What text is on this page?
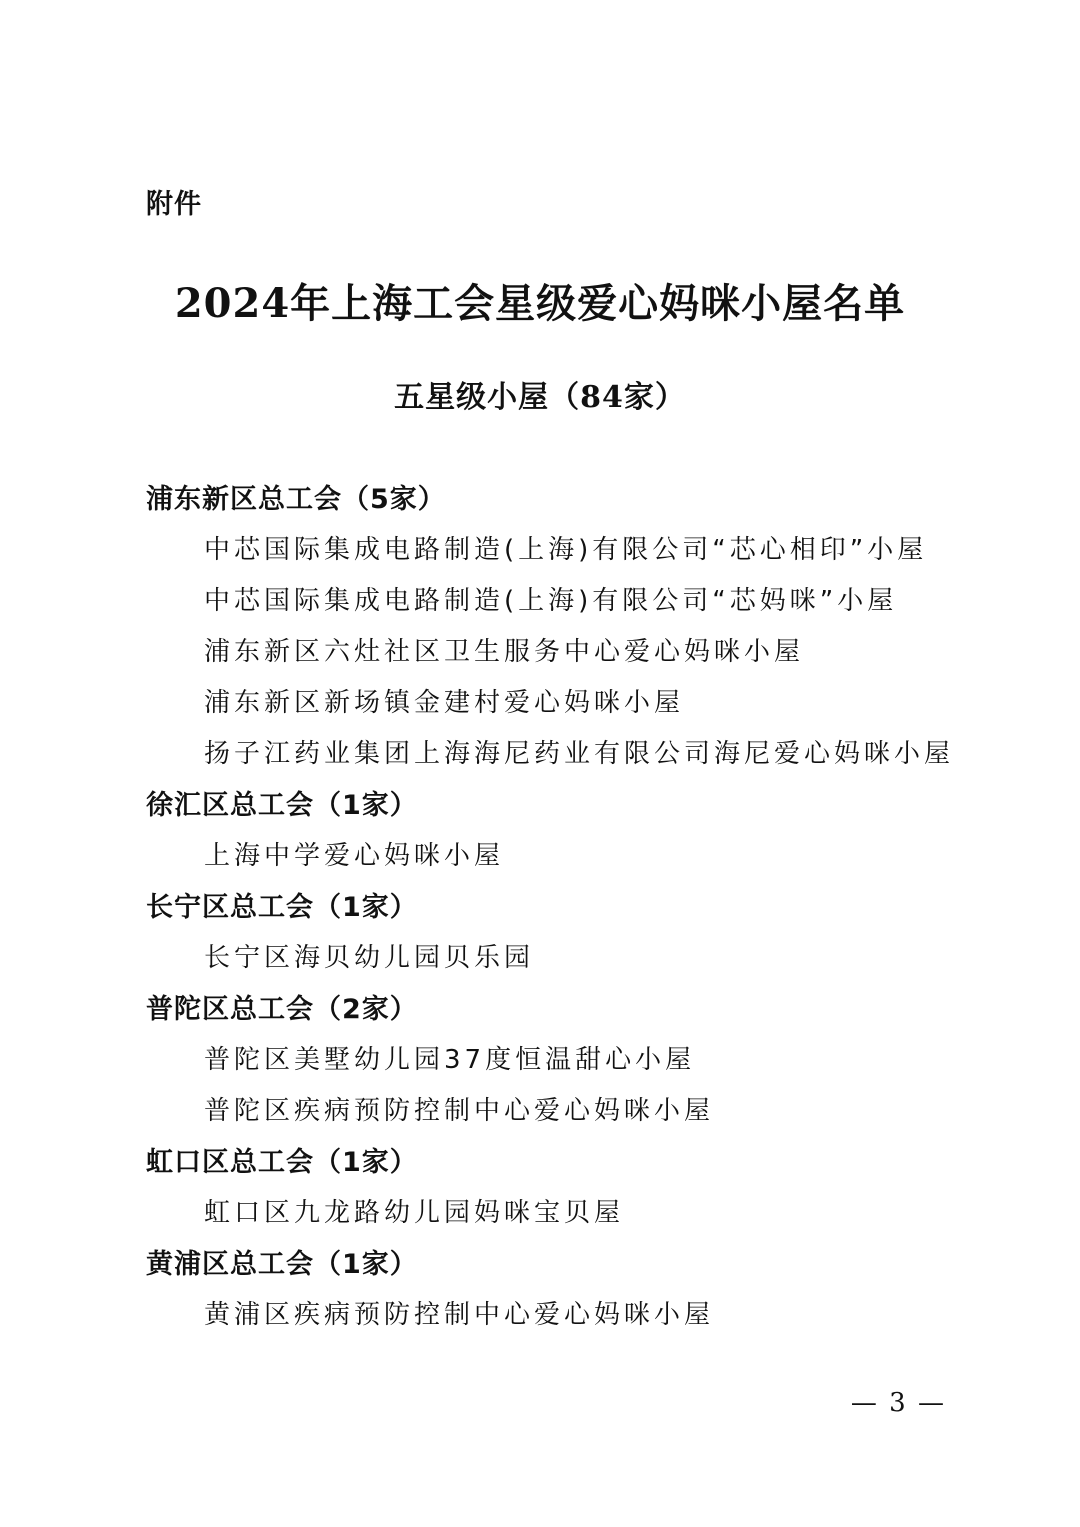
附件
2024年上海工会星级爱心妈咪小屋名单
五星级小屋（84家）
浦东新区总工会（5家）
中芯国际集成电路制造(上海)有限公司“芯心相印”小屋
中芯国际集成电路制造(上海)有限公司“芯妈咪”小屋
浦东新区六灶社区卫生服务中心爱心妈咪小屋
浦东新区新场镇金建村爱心妈咪小屋
扬子江药业集团上海海尼药业有限公司海尼爱心妈咪小屋
徐汇区总工会（1家）
上海中学爱心妈咪小屋
长宁区总工会（1家）
长宁区海贝幼儿园贝乐园
普陀区总工会（2家）
普陀区美墅幼儿园37度恒温甜心小屋
普陀区疾病预防控制中心爱心妈咪小屋
虹口区总工会（1家）
虹口区九龙路幼儿园妈咪宝贝屋
黄浦区总工会（1家）
黄浦区疾病预防控制中心爱心妈咪小屋
— 3 —
